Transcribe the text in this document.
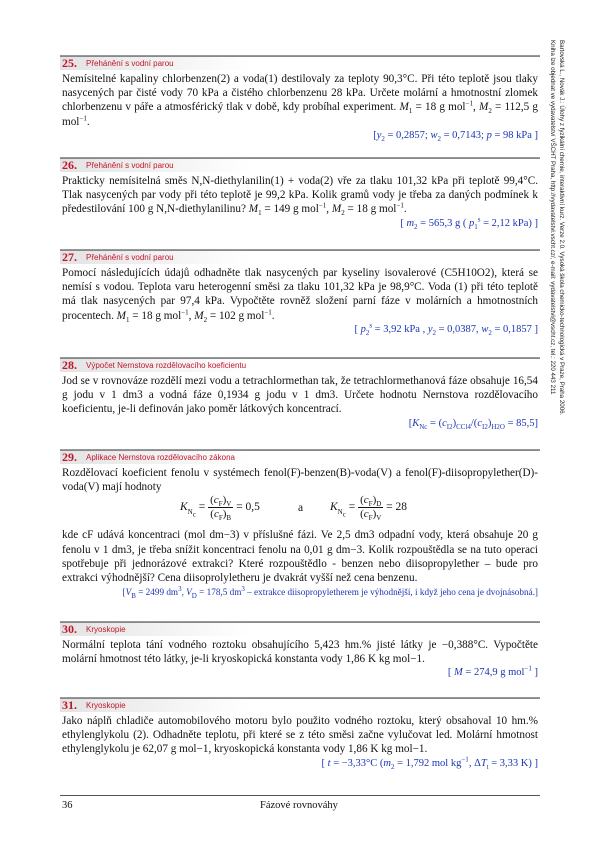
Bartovská L., Novák J.: Úlohy z fyzikální chemie, interaktivní kurz. Verze 2.0. Vysoká škola chemicko-technologická v Praze, Praha 2006.
Kniha lze objednat ve vydavatelství VŠCHT Praha, http://vydavatelstvi.vscht.cz/, e-mail: vydavatelstvi@vscht.cz, tel.: 220 443 211
25. Přehánění s vodní parou
Nemísitelné kapaliny chlorbenzen(2) a voda(1) destilovaly za teploty 90,3°C. Při této teplotě jsou tlaky nasycených par čisté vody 70 kPa a čistého chlorbenzenu 28 kPa. Určete molární a hmotnostní zlomek chlorbenzenu v páře a atmosférický tlak v době, kdy probíhal experiment. $M_1 = 18$ g mol$^{-1}$, $M_2 = 112,5$ g mol$^{-1}$.
[$y_2 = 0,2857$; $w_2 = 0,7143$; p = 98 kPa ]
26. Přehánění s vodní parou
Prakticky nemísitelná směs N,N-diethylanilin(1) + voda(2) vře za tlaku 101,32 kPa při teplotě 99,4°C. Tlak nasycených par vody při této teplotě je 99,2 kPa. Kolik gramů vody je třeba za daných podmínek k předestilování 100 g N,N-diethylanilinu? $M_1 = 149$ g mol$^{-1}$, $M_2 = 18$ g mol$^{-1}$.
[ $m_2 = 565,3$ g ( $p_1^s = 2,12$ kPa) ]
27. Přehánění s vodní parou
Pomocí následujících údajů odhadněte tlak nasycených par kyseliny isovalerové (C5H10O2), která se nemísí s vodou. Teplota varu heterogenní směsi za tlaku 101,32 kPa je 98,9°C. Voda (1) při této teplotě má tlak nasycených par 97,4 kPa. Vypočtěte rovněž složení parní fáze v molárních a hmotnostních procentech. $M_1 = 18$ g mol$^{-1}$, $M_2 = 102$ g mol$^{-1}$.
[ $p_2^s = 3,92$ kPa , $y_2 = 0,0387$, $w_2 = 0,1857$ ]
28. Výpočet Nernstova rozdělovacího koeficientu
Jod se v rovnováze rozdělí mezi vodu a tetrachlormethan tak, že tetrachlormethanová fáze obsahuje 16,54 g jodu v 1 dm3 a vodná fáze 0,1934 g jodu v 1 dm3. Určete hodnotu Nernstova rozdělovacího koeficientu, je-li definován jako poměr látkových koncentrací.
$[K_{Nc} = (c_{I2})_{CCl4}/(c_{I2})_{H2O} = 85,5]$
29. Aplikace Nernstova rozdělovacího zákona
Rozdělovací koeficient fenolu v systémech fenol(F)-benzen(B)-voda(V) a fenol(F)-diisopropylether(D)-voda(V) mají hodnoty
$K_{N_c} = \frac{(c_F)_V}{(c_F)_B} = 0,5$	a $K_{N_c} = \frac{(c_F)_D}{(c_F)_V} = 28$
kde cF udává koncentraci (mol dm−3) v příslušné fázi. Ve 2,5 dm3 odpadní vody, která obsahuje 20 g fenolu v 1 dm3, je třeba snížit koncentraci fenolu na 0,01 g dm−3. Kolik rozpouštědla se na tuto operaci spotřebuje při jednorázové extrakci? Které rozpouštědlo - benzen nebo diisopropylether – bude pro extrakci výhodnější? Cena diisoprolyletheru je dvakrát vyšší než cena benzenu.
[$V_B = 2499$ $dm^3$, $V_D = 178,5$ $dm^3$ – extrakce diisopropyletherem je výhodnější, i když jeho cena je dvojnásobná.]
30. Kryoskopie
Normální teplota tání vodného roztoku obsahujícího 5,423 hm.% jisté látky je −0,388°C. Vypočtěte molární hmotnost této látky, je-li kryoskopická konstanta vody 1,86 K kg mol−1.
[ M = 274,9 g mol$^{-1}$ ]
31. Kryoskopie
Jako náplň chladiče automobilového motoru bylo použito vodného roztoku, který obsahoval 10 hm.% ethylenglykolu (2). Odhadněte teplotu, při které se z této směsi začne vylučovat led. Molární hmotnost ethylenglykolu je 62,07 g mol−1, kryoskopická konstanta vody 1,86 K kg mol−1.
[ t = −3,33°C ($m_2 = 1,792$ mol $kg^{-1}$, $\Delta T_t = 3,33$ K) ]
36	Fázové rovnováhy
